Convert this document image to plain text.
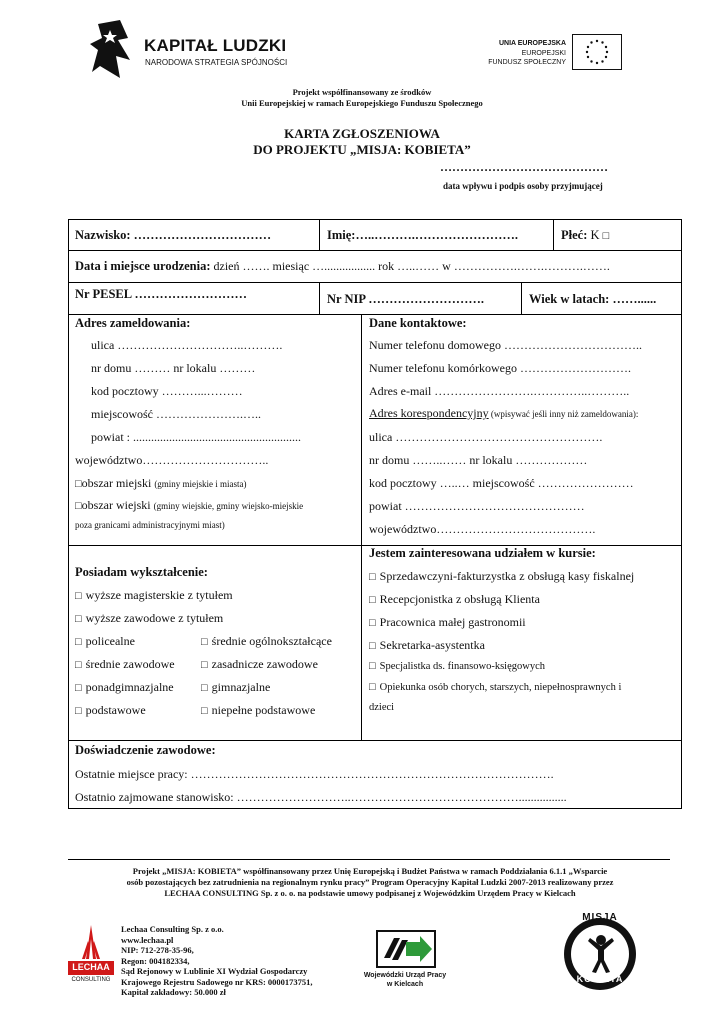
KAPITAŁ LUDZKI
NARODOWA STRATEGIA SPÓJNOŚCI
UNIA EUROPEJSKA
EUROPEJSKI
FUNDUSZ SPOŁECZNY
Projekt współfinansowany ze środków
Unii Europejskiej w ramach Europejskiego Funduszu Społecznego
KARTA ZGŁOSZENIOWA
DO PROJEKTU „MISJA: KOBIETA”
……………………………………
data wpływu i podpis osoby przyjmującej
Nazwisko: ……………………………	Imię:…..……….…………………….	Płeć: K □
Data i miejsce urodzenia: dzień ……. miesiąc …................. rok …..…… w …………….…….……….…….
Nr PESEL ………………………	Nr NIP ……………………….	Wiek w latach: ……......
Adres zameldowania:
ulica …………………………..……….
nr domu ……… nr lokalu ………
kod pocztowy ………...………
miejscowość ………………….…..
powiat : ........................................................
województwo…………………………..
□obszar miejski (gminy miejskie i miasta)
□obszar wiejski (gminy wiejskie, gminy wiejsko-miejskie
poza granicami administracyjnymi miast)
Dane kontaktowe:
Numer telefonu domowego ……………………………..
Numer telefonu komórkowego ……………………….
Adres e-mail …………………….…………..………..
Adres korespondencyjny (wpisywać jeśli inny niż zameldowania):
ulica …………………………………………….
nr domu ……..…… nr lokalu ………………
kod pocztowy …..… miejscowość ……………………
powiat ………………………………………
województwo………………………………….
Posiadam wykształcenie:
□ wyższe magisterskie z tytułem
□ wyższe zawodowe z tytułem
□ policealne
□ średnie zawodowe
□ ponadgimnazjalne
□ podstawowe
□ średnie ogólnokształcące
□ zasadnicze zawodowe
□ gimnazjalne
□ niepełne podstawowe
Jestem zainteresowana udziałem w kursie:
□ Sprzedawczyni-fakturzystka z obsługą kasy fiskalnej
□ Recepcjonistka z obsługą Klienta
□ Pracownica małej gastronomii
□ Sekretarka-asystentka
□ Specjalistka ds. finansowo-księgowych
□ Opiekunka osób chorych, starszych, niepełnosprawnych i
dzieci
Doświadczenie zawodowe:
Ostatnie miejsce pracy: ……………………………………………………………………………….
Ostatnio zajmowane stanowisko: ………………………..……………………………………................
Projekt „MISJA: KOBIETA” współfinansowany przez Unię Europejską i Budżet Państwa w ramach Poddziałania 6.1.1 „Wsparcie
osób pozostających bez zatrudnienia na regionalnym rynku pracy” Program Operacyjny Kapitał Ludzki 2007-2013 realizowany przez
LECHAA CONSULTING Sp. z o. o. na podstawie umowy podpisanej z Wojewódzkim Urzędem Pracy w Kielcach
LECHAA
CONSULTING
Lechaa Consulting Sp. z o.o.
www.lechaa.pl
NIP: 712-278-35-96,
Regon: 004182334,
Sąd Rejonowy w Lublinie XI Wydział Gospodarczy
Krajowego Rejestru Sadowego nr KRS: 0000173751,
Kapitał zakładowy: 50.000 zł
Wojewódzki Urząd Pracy
w Kielcach
MISJA
KOBIETA
